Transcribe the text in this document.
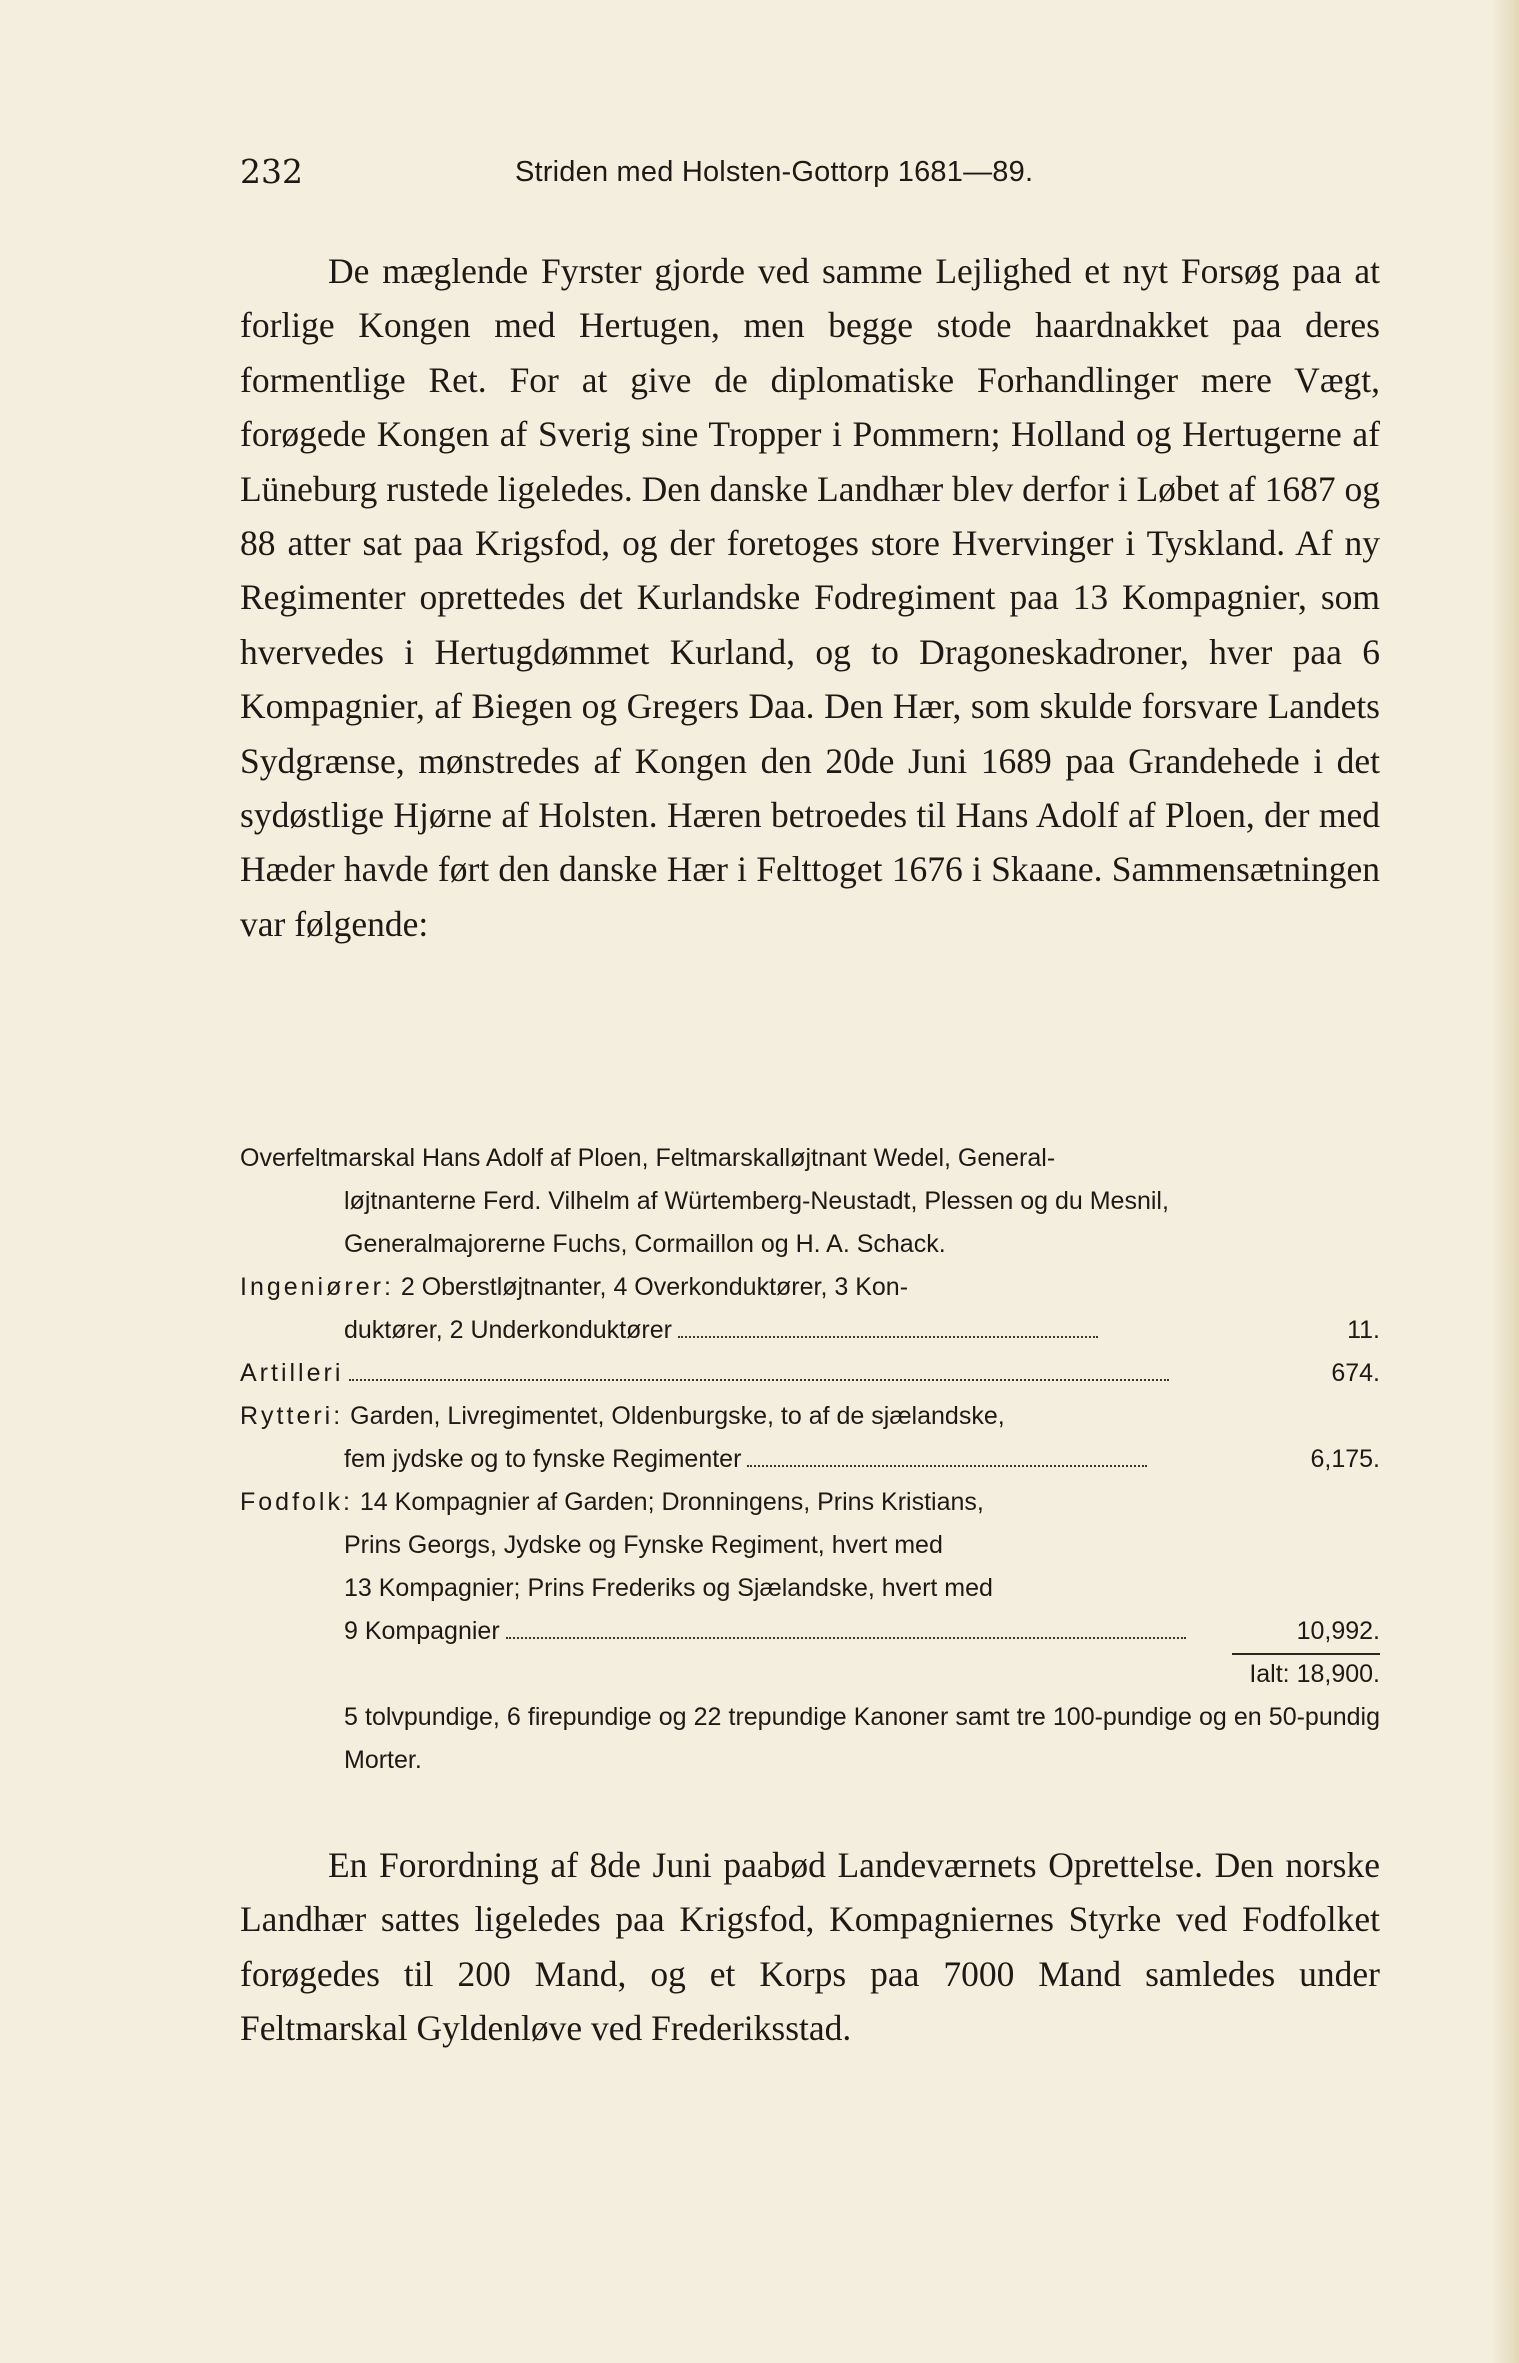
232	Striden med Holsten-Gottorp 1681—89.

De mæglende Fyrster gjorde ved samme Lejlighed et nyt Forsøg paa at forlige Kongen med Hertugen, men begge stode haardnakket paa deres formentlige Ret. For at give de diplomatiske Forhandlinger mere Vægt, forøgede Kongen af Sverig sine Tropper i Pommern; Holland og Hertugerne af Lüneburg rustede ligeledes. Den danske Landhær blev derfor i Løbet af 1687 og 88 atter sat paa Krigsfod, og der foretoges store Hvervinger i Tyskland. Af ny Regimenter oprettedes det Kurlandske Fodregiment paa 13 Kompagnier, som hvervedes i Hertugdømmet Kurland, og to Dragoneskadroner, hver paa 6 Kompagnier, af Biegen og Gregers Daa. Den Hær, som skulde forsvare Landets Sydgrænse, mønstredes af Kongen den 20de Juni 1689 paa Grandehede i det sydøstlige Hjørne af Holsten. Hæren betroedes til Hans Adolf af Ploen, der med Hæder havde ført den danske Hær i Felttoget 1676 i Skaane. Sammensætningen var følgende:

Overfeltmarskal Hans Adolf af Ploen, Feltmarskalløjtnant Wedel, General-
løjtnanterne Ferd. Vilhelm af Würtemberg-Neustadt, Plessen og du Mesnil,
Generalmajorerne Fuchs, Cormaillon og H. A. Schack.
Ingeniører: 2 Oberstløjtnanter, 4 Overkonduktører, 3 Kon-
duktører, 2 Underkonduktører	11.
Artilleri	674.
Rytteri: Garden, Livregimentet, Oldenburgske, to af de sjælandske,
fem jydske og to fynske Regimenter	6,175.
Fodfolk: 14 Kompagnier af Garden; Dronningens, Prins Kristians,
Prins Georgs, Jydske og Fynske Regiment, hvert med
13 Kompagnier; Prins Frederiks og Sjælandske, hvert med
9 Kompagnier	10,992.
Ialt: 18,900.
5 tolvpundige, 6 firepundige og 22 trepundige Kanoner samt tre 100-pundige og en 50-pundig Morter.

En Forordning af 8de Juni paabød Landeværnets Oprettelse. Den norske Landhær sattes ligeledes paa Krigsfod, Kompagniernes Styrke ved Fodfolket forøgedes til 200 Mand, og et Korps paa 7000 Mand samledes under Feltmarskal Gyldenløve ved Frederiksstad.
